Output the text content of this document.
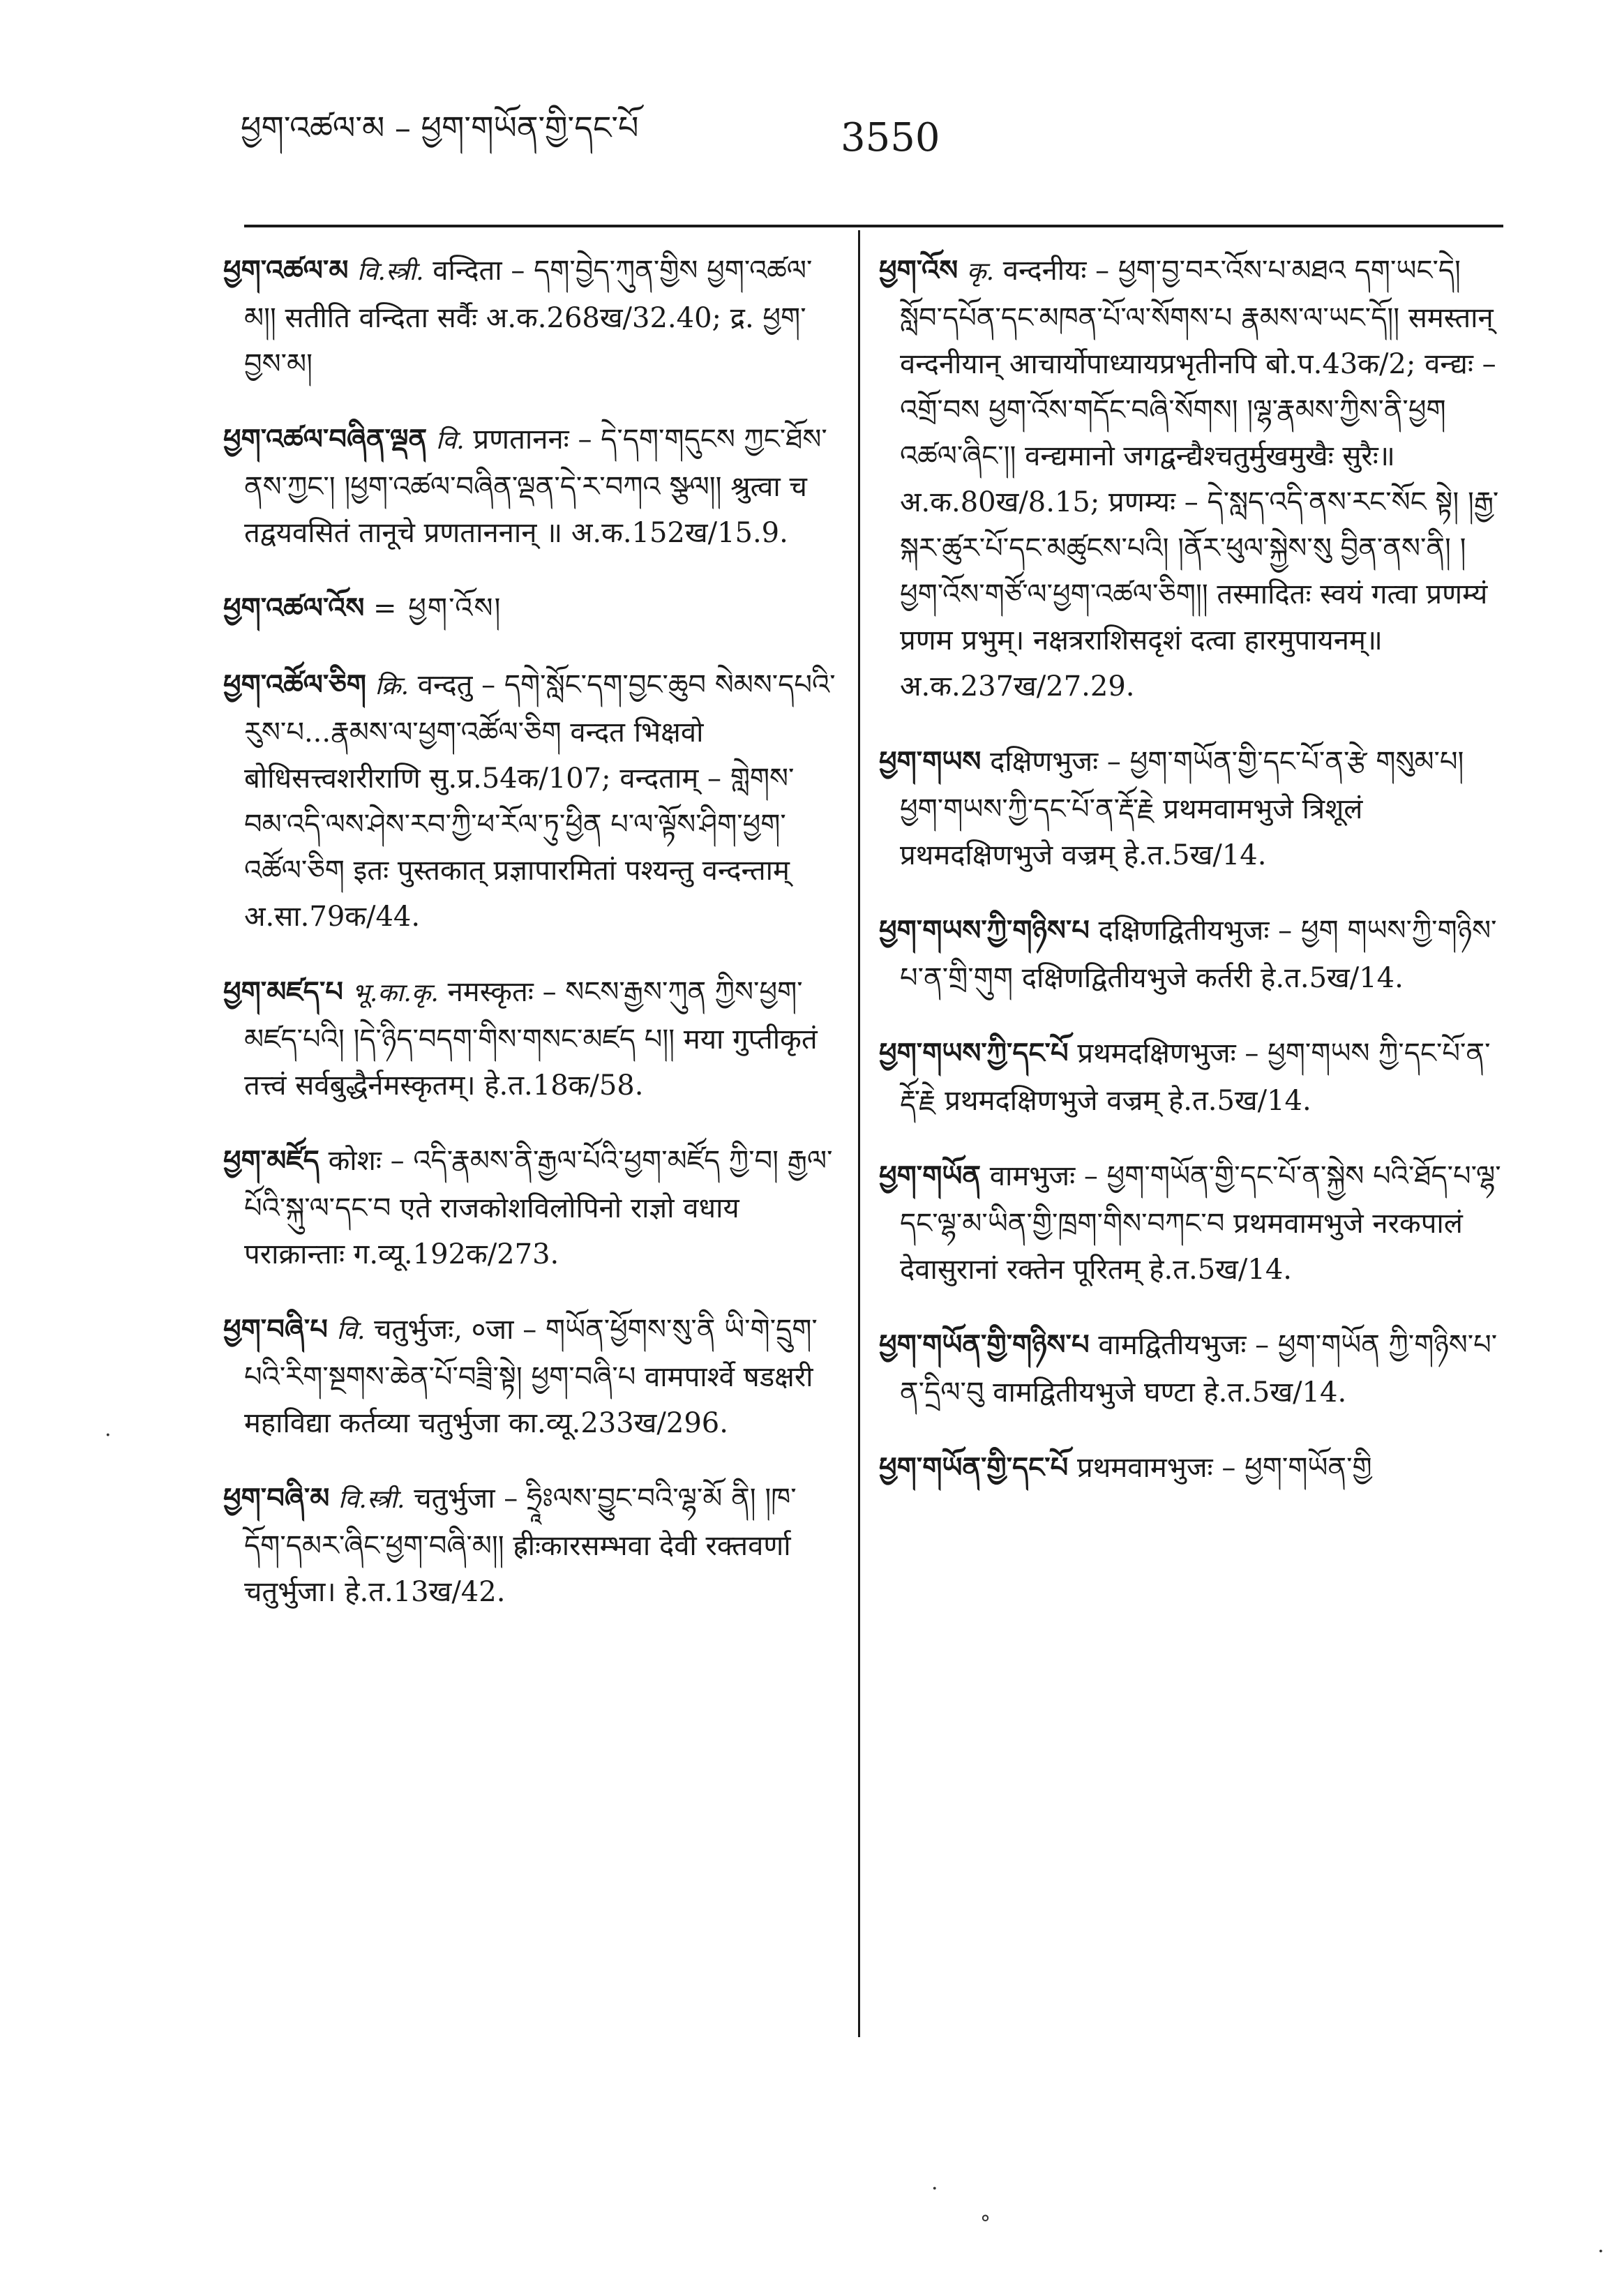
ཕྱག་འཚལ་མ – ཕྱག་གཡོན་གྱི་དང་པོ	3550

ཕྱག་འཚལ་མ वि.स्त्री. वन्दिता – དག་བྱེད་ཀུན་གྱིས ཕྱག་འཚལ་མ།། सतीति वन्दिता सर्वैः अ.क.268ख/32.40; द्र. ཕྱག་བྱས་མ།

ཕྱག་འཚལ་བཞིན་ལྡན वि. प्रणताननः – དེ་དག་གདུངས ཀྱང་ཐོས་ནས་ཀྱང་། །ཕྱག་འཚལ་བཞིན་ལྡན་དེ་ར་བཀའ སྩལ།། श्रुत्वा च तद्वयवसितं तानूचे प्रणताननान् ॥ अ.क.152ख/15.9.

ཕྱག་འཚལ་འོས = ཕྱག་འོས།

ཕྱག་འཚོལ་ཅིག क्रि. वन्दतु – དགེ་སློང་དག་བྱང་ཆུབ སེམས་དཔའི་རུས་པ...རྣམས་ལ་ཕྱག་འཚོལ་ཅིག वन्दत भिक्षवो बोधिसत्त्वशरीराणि सु.प्र.54क/107; वन्दताम् – གླེགས་བམ་འདི་ལས་ཤེས་རབ་ཀྱི་ཕ་རོལ་ཏུ་ཕྱིན པ་ལ་ལྟོས་ཤིག་ཕྱག་འཚོལ་ཅིག इतः पुस्तकात् प्रज्ञापारमितां पश्यन्तु वन्दन्ताम् अ.सा.79क/44.

ཕྱག་མཛད་པ भू.का.कृ. नमस्कृतः – སངས་རྒྱས་ཀུན ཀྱིས་ཕྱག་མཛད་པའི། །དེ་ཉིད་བདག་གིས་གསང་མཛད པ།། मया गुप्तीकृतं तत्त्वं सर्वबुद्धैर्नमस्कृतम्। हे.त.18क/58.

ཕྱག་མཛོད कोशः – འདི་རྣམས་ནི་རྒྱལ་པོའི་ཕྱག་མཛོད ཀྱི་བ། རྒྱལ་པོའི་སྐུ་ལ་དང་བ एते राजकोशविलोपिनो राज्ञो वधाय पराक्रान्ताः ग.व्यू.192क/273.

ཕྱག་བཞི་པ वि. चतुर्भुजः, ०जा – གཡོན་ཕྱོགས་སུ་ནི ཡི་གེ་དྲུག་པའི་རིག་སྔགས་ཆེན་པོ་བཟྲི་སྟེ། ཕྱག་བཞི་པ वामपार्श्वे षडक्षरी महाविद्या कर्तव्या चतुर्भुजा का.व्यू.233ख/296.

ཕྱག་བཞི་མ वि.स्त्री. चतुर्भुजा – ཧྲཱིཿལས་བྱུང་བའི་ལྷ་མོ ནི། །ཁ་དོག་དམར་ཞིང་ཕྱག་བཞི་མ།། ह्रीःकारसम्भवा देवी रक्तवर्णा चतुर्भुजा। हे.त.13ख/42.

ཕྱག་འོས कृ. वन्दनीयः – ཕྱག་བྱ་བར་འོས་པ་མཐའ དག་ཡང་དེ། སློབ་དཔོན་དང་མཁན་པོ་ལ་སོགས་པ རྣམས་ལ་ཡང་དོ།། समस्तान् वन्दनीयान् आचार्योपाध्यायप्रभृतीनपि बो.प.43क/2; वन्द्यः – འགྲོ་བས ཕྱག་འོས་གདོང་བཞི་སོགས། །ལྷ་རྣམས་ཀྱིས་ནི་ཕྱག འཚལ་ཞིང་།། वन्द्यमानो जगद्वन्द्यैश्चतुर्मुखमुखैः सुरैः॥ अ.क.80ख/8.15; प्रणम्यः – དེ་སླད་འདི་ནས་རང་སོང སྟེ། །རྒྱ་སྐར་ཚུར་པོ་དང་མཚུངས་པའི། །ནོར་ཕུལ་སྐྱེས་སུ བྱིན་ནས་ནི། །ཕྱག་འོས་གཙོ་ལ་ཕྱག་འཚལ་ཅིག།། तस्मादितः स्वयं गत्वा प्रणम्यं प्रणम प्रभुम्। नक्षत्रराशिसदृशं दत्वा हारमुपायनम्॥ अ.क.237ख/27.29.

ཕྱག་གཡས दक्षिणभुजः – ཕྱག་གཡོན་གྱི་དང་པོ་ན་རྩེ གསུམ་པ། ཕྱག་གཡས་ཀྱི་དང་པོ་ན་རྡོ་རྗེ प्रथमवामभुजे त्रिशूलं प्रथमदक्षिणभुजे वज्रम् हे.त.5ख/14.

ཕྱག་གཡས་ཀྱི་གཉིས་པ दक्षिणद्वितीयभुजः – ཕྱག གཡས་ཀྱི་གཉིས་པ་ན་གྲི་གུག दक्षिणद्वितीयभुजे कर्तरी हे.त.5ख/14.

ཕྱག་གཡས་ཀྱི་དང་པོ प्रथमदक्षिणभुजः – ཕྱག་གཡས ཀྱི་དང་པོ་ན་རྡོ་རྗེ प्रथमदक्षिणभुजे वज्रम् हे.त.5ख/14.

ཕྱག་གཡོན वामभुजः – ཕྱག་གཡོན་གྱི་དང་པོ་ན་སྐྱེས པའི་ཐོད་པ་ལྷ་དང་ལྷ་མ་ཡིན་གྱི་ཁྲག་གིས་བཀང་བ प्रथमवामभुजे नरकपालं देवासुरानां रक्तेन पूरितम् हे.त.5ख/14.

ཕྱག་གཡོན་གྱི་གཉིས་པ वामद्वितीयभुजः – ཕྱག་གཡོན ཀྱི་གཉིས་པ་ན་དྲིལ་བུ वामद्वितीयभुजे घण्टा हे.त.5ख/14.

ཕྱག་གཡོན་གྱི་དང་པོ प्रथमवामभुजः – ཕྱག་གཡོན་གྱི

·
°
·
·
